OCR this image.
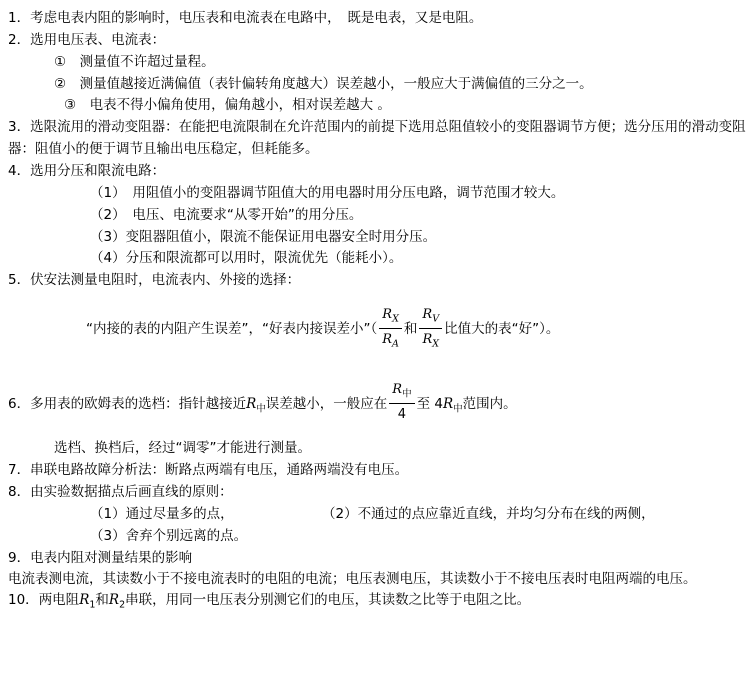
1．考虑电表内阻的影响时，电压表和电流表在电路中，　既是电表，又是电阻。
2．选用电压表、电流表：
①　测量值不许超过量程。
②　测量值越接近满偏值（表针偏转角度越大）误差越小，一般应大于满偏值的三分之一。
③　电表不得小偏角使用，偏角越小，相对误差越大 。
3．选限流用的滑动变阻器：在能把电流限制在允许范围内的前提下选用总阻值较小的变阻器调节方便；选分压用的滑动变阻器：阻值小的便于调节且输出电压稳定，但耗能多。
4．选用分压和限流电路：
（1）　用阻值小的变阻器调节阻值大的用电器时用分压电路，调节范围才较大。
（2）　电压、电流要求“从零开始”的用分压。
（3）变阻器阻值小，限流不能保证用电器安全时用分压。
（4）分压和限流都可以用时，限流优先（能耗小）。
5．伏安法测量电阻时，电流表内、外接的选择：
“内接的表的内阻产生误差”，“好表内接误差小”（ $\frac{R_X}{R_A}$ 和 $\frac{R_V}{R_X}$ 比值大的表“好”）。
6．多用表的欧姆表的选档：指针越接近$R_中$误差越小，一般应在 $\frac{R_中}{4}$ 至 $4R_中$范围内。
选档、换档后，经过“调零”才能进行测量。
7．串联电路故障分析法：断路点两端有电压，通路两端没有电压。
8．由实验数据描点后画直线的原则：
（1）通过尽量多的点，	（2）不通过的点应靠近直线，并均匀分布在线的两侧，
（3）舍弃个别远离的点。
9．电表内阻对测量结果的影响
电流表测电流，其读数小于不接电流表时的电阻的电流；电压表测电压，其读数小于不接电压表时电阻两端的电压。
10．两电阻$R_1$和$R_2$串联，用同一电压表分别测它们的电压，其读数之比等于电阻之比。
